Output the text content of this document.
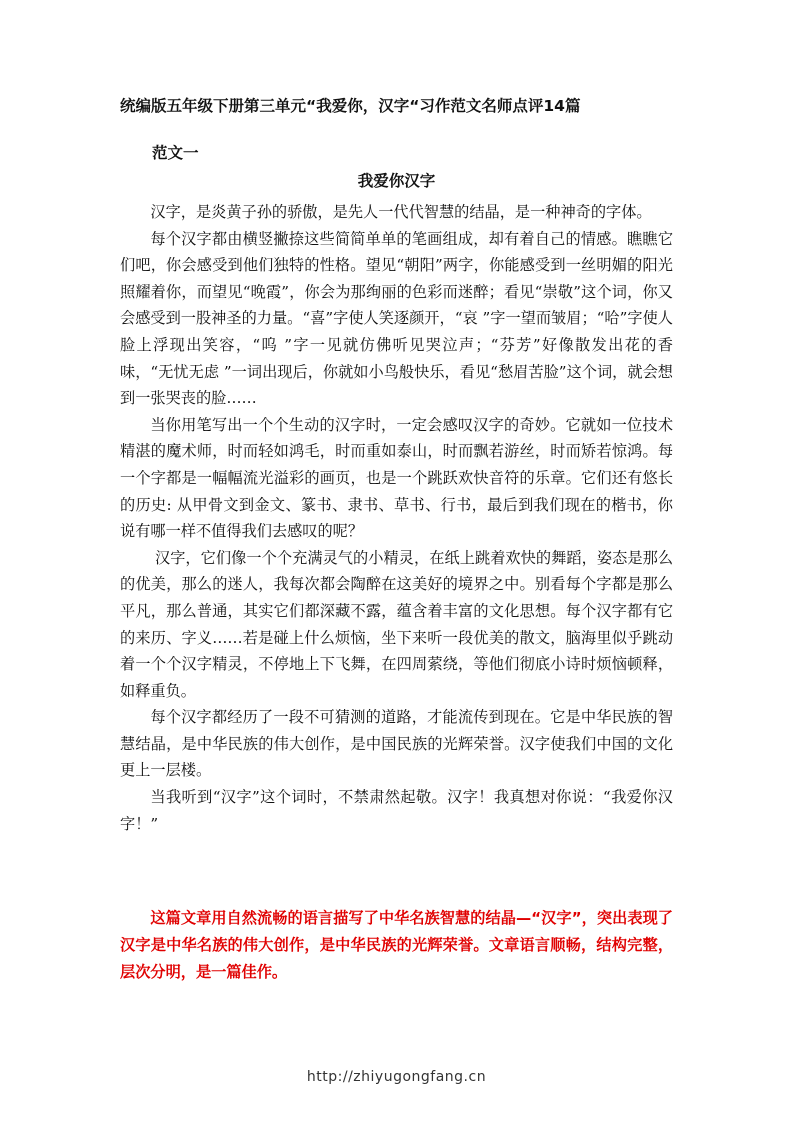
统编版五年级下册第三单元“我爱你，汉字“习作范文名师点评14篇
范文一
我爱你汉字

汉字，是炎黄子孙的骄傲，是先人一代代智慧的结晶，是一种神奇的字体。

每个汉字都由横竖撇捺这些简简单单的笔画组成，却有着自己的情感。瞧瞧它们吧，你会感受到他们独特的性格。望见“朝阳”两字，你能感受到一丝明媚的阳光照耀着你，而望见“晚霞”，你会为那绚丽的色彩而迷醉；看见“崇敬”这个词，你又会感受到一股神圣的力量。“喜”字使人笑逐颜开，“哀 ”字一望而皱眉；“哈”字使人脸上浮现出笑容，“呜 ”字一见就仿佛听见哭泣声；“芬芳”好像散发出花的香味，“无忧无虑 ”一词出现后，你就如小鸟般快乐，看见“愁眉苦脸”这个词，就会想到一张哭丧的脸……

当你用笔写出一个个生动的汉字时，一定会感叹汉字的奇妙。它就如一位技术精湛的魔术师，时而轻如鸿毛，时而重如泰山，时而飘若游丝，时而矫若惊鸿。每一个字都是一幅幅流光溢彩的画页，也是一个跳跃欢快音符的乐章。它们还有悠长的历史: 从甲骨文到金文、篆书、隶书、草书、行书，最后到我们现在的楷书，你说有哪一样不值得我们去感叹的呢？

汉字，它们像一个个充满灵气的小精灵，在纸上跳着欢快的舞蹈，姿态是那么的优美，那么的迷人，我每次都会陶醉在这美好的境界之中。别看每个字都是那么平凡，那么普通，其实它们都深藏不露，蕴含着丰富的文化思想。每个汉字都有它的来历、字义……若是碰上什么烦恼，坐下来听一段优美的散文，脑海里似乎跳动着一个个汉字精灵，不停地上下飞舞，在四周萦绕，等他们彻底小诗时烦恼顿释，如释重负。

每个汉字都经历了一段不可猜测的道路，才能流传到现在。它是中华民族的智慧结晶，是中华民族的伟大创作，是中国民族的光辉荣誉。汉字使我们中国的文化更上一层楼。

当我听到“汉字”这个词时，不禁肃然起敬。汉字！我真想对你说：“我爱你汉字！”

这篇文章用自然流畅的语言描写了中华名族智慧的结晶—“汉字”，突出表现了汉字是中华名族的伟大创作，是中华民族的光辉荣誉。文章语言顺畅，结构完整，层次分明，是一篇佳作。

http://zhiyugongfang.cn
